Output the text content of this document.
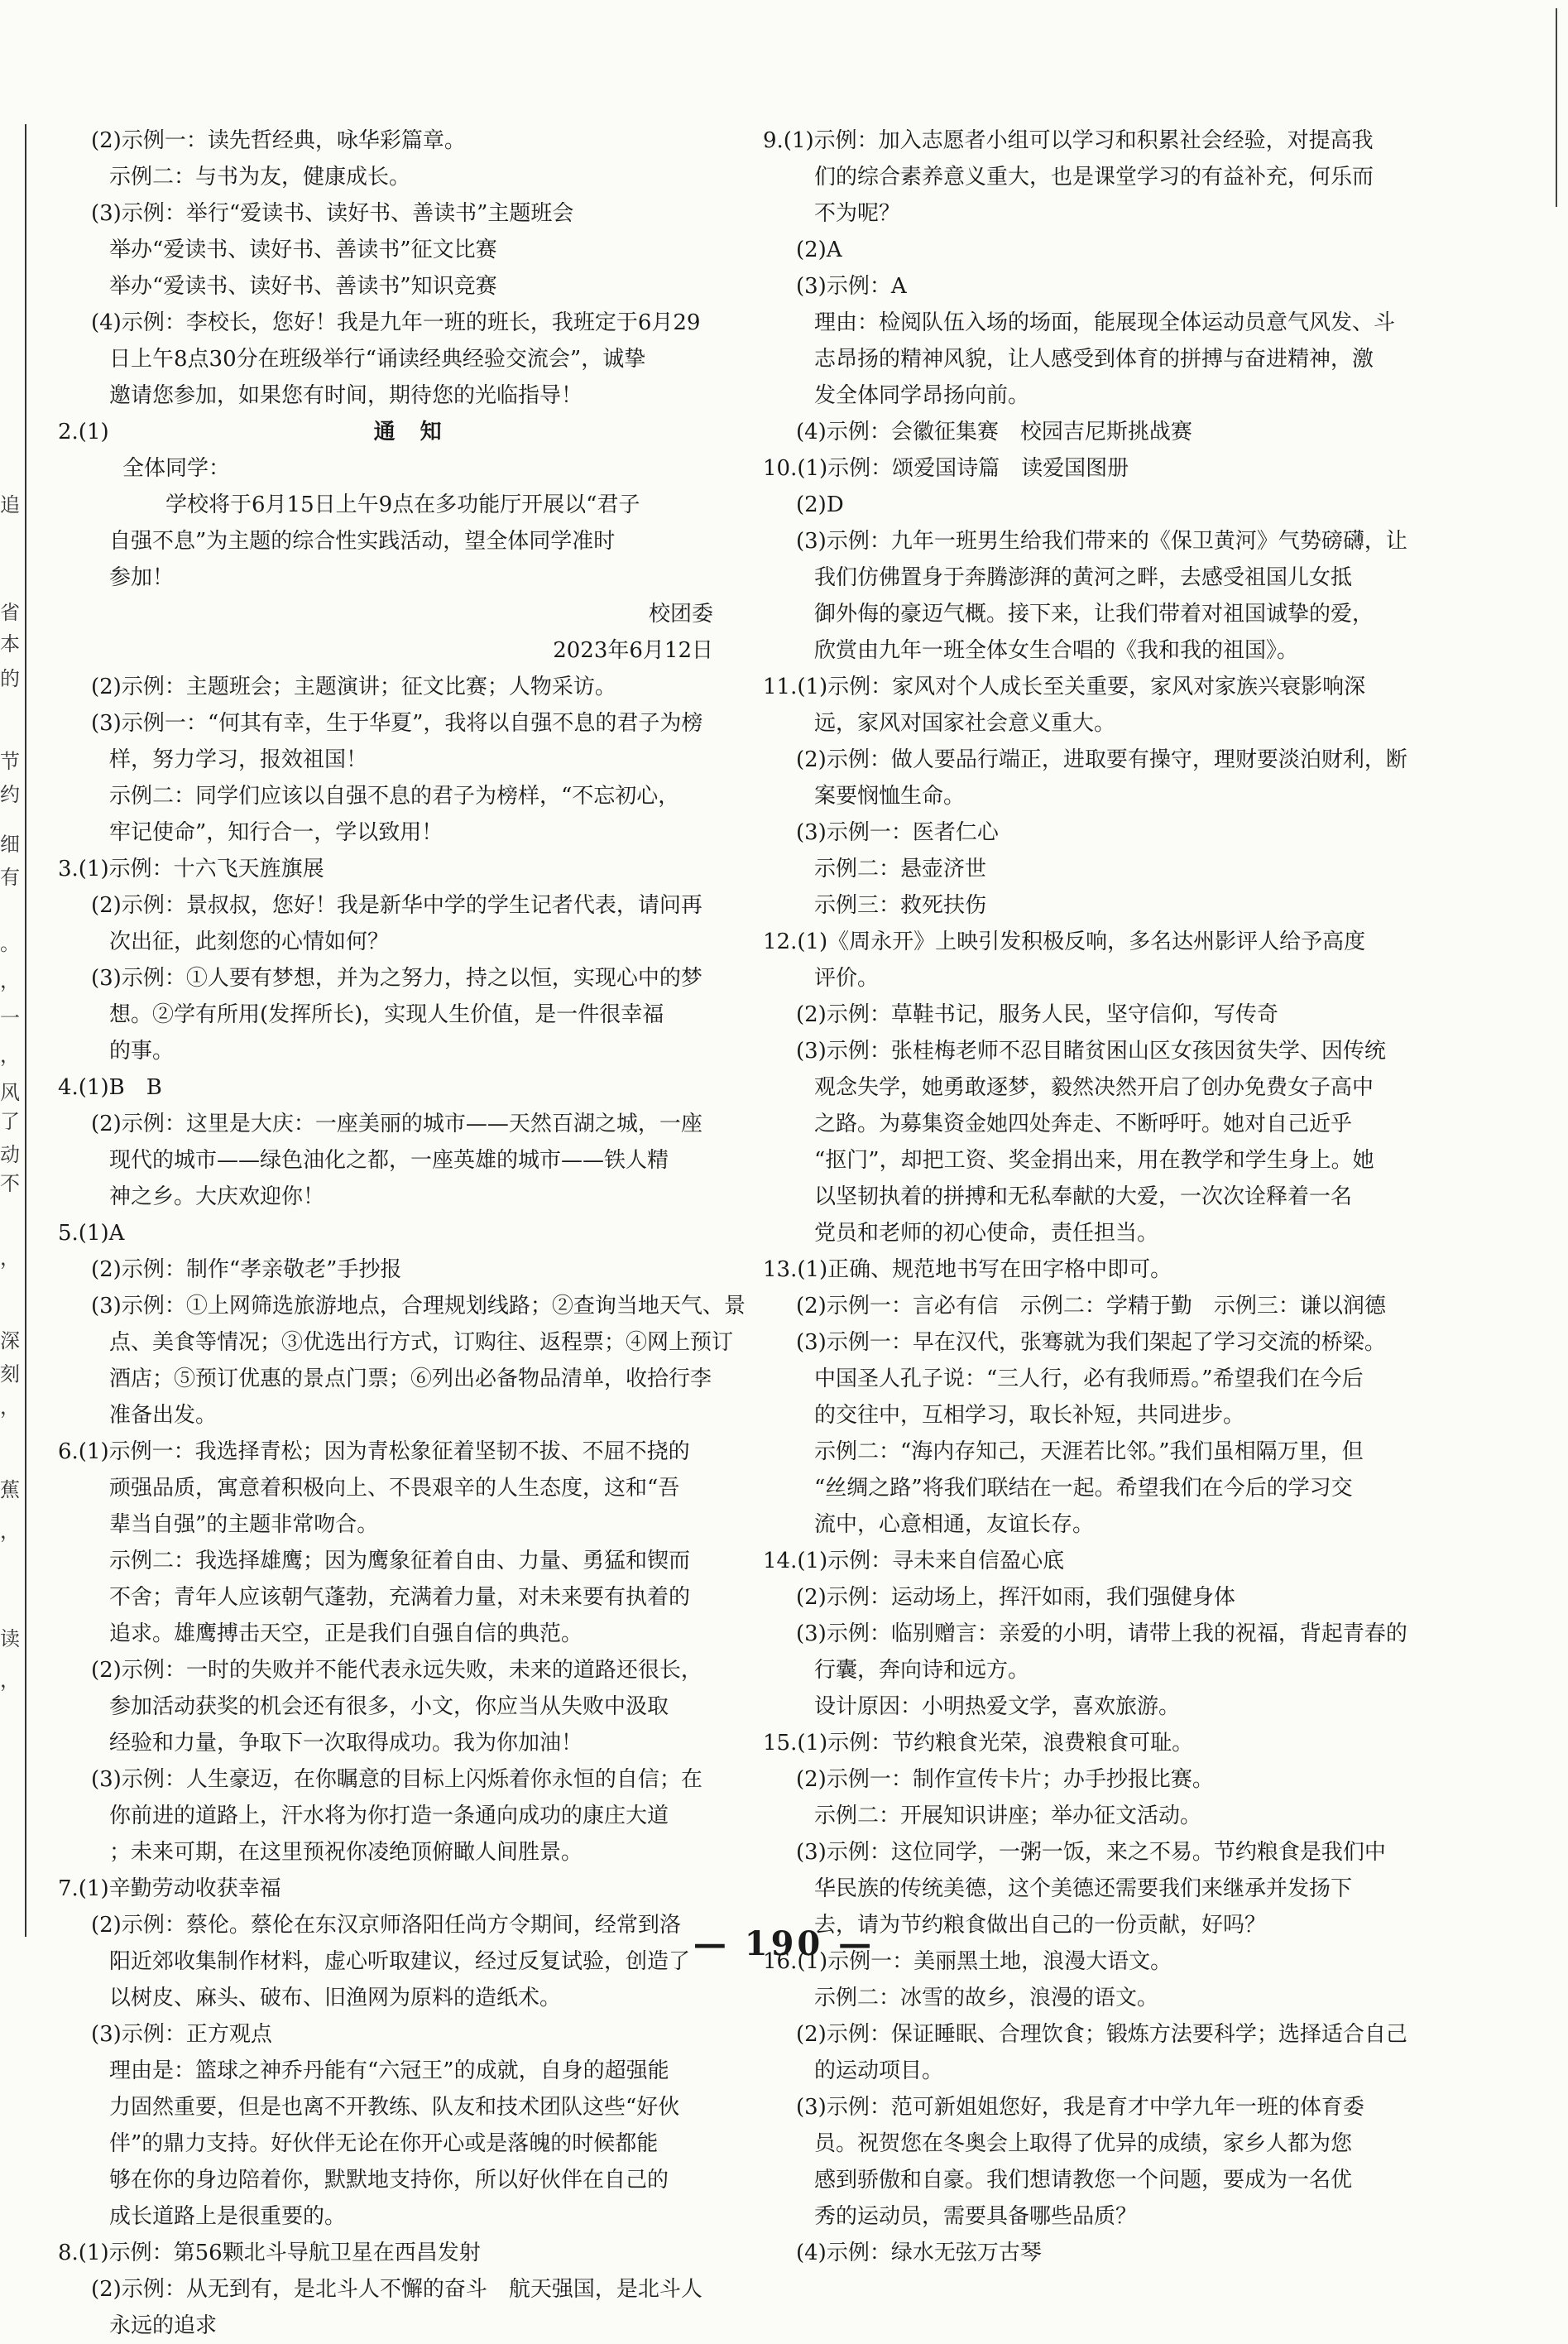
追
省
本
的
节
约
细
有
。
，
一
，
风
了
动
不
，
深
刻
，
蕉
，
读
，
(2)示例一：读先哲经典，咏华彩篇章。
示例二：与书为友，健康成长。
(3)示例：举行“爱读书、读好书、善读书”主题班会
举办“爱读书、读好书、善读书”征文比赛
举办“爱读书、读好书、善读书”知识竞赛
(4)示例：李校长，您好！我是九年一班的班长，我班定于6月29
日上午8点30分在班级举行“诵读经典经验交流会”，诚挚
邀请您参加，如果您有时间，期待您的光临指导！
2.(1)	通知
全体同学：
　　学校将于6月15日上午9点在多功能厅开展以“君子
自强不息”为主题的综合性实践活动，望全体同学准时
参加！
校团委　　
2023年6月12日
(2)示例：主题班会；主题演讲；征文比赛；人物采访。
(3)示例一：“何其有幸，生于华夏”，我将以自强不息的君子为榜
样，努力学习，报效祖国！
示例二：同学们应该以自强不息的君子为榜样，“不忘初心，
牢记使命”，知行合一，学以致用！
3.(1)示例：十六飞天旌旗展
(2)示例：景叔叔，您好！我是新华中学的学生记者代表，请问再
次出征，此刻您的心情如何？
(3)示例：①人要有梦想，并为之努力，持之以恒，实现心中的梦
想。②学有所用(发挥所长)，实现人生价值，是一件很幸福
的事。
4.(1)B　B
(2)示例：这里是大庆：一座美丽的城市——天然百湖之城，一座
现代的城市——绿色油化之都，一座英雄的城市——铁人精
神之乡。大庆欢迎你！
5.(1)A
(2)示例：制作“孝亲敬老”手抄报
(3)示例：①上网筛选旅游地点，合理规划线路；②查询当地天气、景
点、美食等情况；③优选出行方式，订购往、返程票；④网上预订
酒店；⑤预订优惠的景点门票；⑥列出必备物品清单，收拾行李
准备出发。
6.(1)示例一：我选择青松；因为青松象征着坚韧不拔、不屈不挠的
顽强品质，寓意着积极向上、不畏艰辛的人生态度，这和“吾
辈当自强”的主题非常吻合。
示例二：我选择雄鹰；因为鹰象征着自由、力量、勇猛和锲而
不舍；青年人应该朝气蓬勃，充满着力量，对未来要有执着的
追求。雄鹰搏击天空，正是我们自强自信的典范。
(2)示例：一时的失败并不能代表永远失败，未来的道路还很长，
参加活动获奖的机会还有很多，小文，你应当从失败中汲取
经验和力量，争取下一次取得成功。我为你加油！
(3)示例：人生豪迈，在你瞩意的目标上闪烁着你永恒的自信；在
你前进的道路上，汗水将为你打造一条通向成功的康庄大道
；未来可期，在这里预祝你凌绝顶俯瞰人间胜景。
7.(1)辛勤劳动收获幸福
(2)示例：蔡伦。蔡伦在东汉京师洛阳任尚方令期间，经常到洛
阳近郊收集制作材料，虚心听取建议，经过反复试验，创造了
以树皮、麻头、破布、旧渔网为原料的造纸术。
(3)示例：正方观点
理由是：篮球之神乔丹能有“六冠王”的成就，自身的超强能
力固然重要，但是也离不开教练、队友和技术团队这些“好伙
伴”的鼎力支持。好伙伴无论在你开心或是落魄的时候都能
够在你的身边陪着你，默默地支持你，所以好伙伴在自己的
成长道路上是很重要的。
8.(1)示例：第56颗北斗导航卫星在西昌发射
(2)示例：从无到有，是北斗人不懈的奋斗　航天强国，是北斗人
永远的追求
9.(1)示例：加入志愿者小组可以学习和积累社会经验，对提高我
们的综合素养意义重大，也是课堂学习的有益补充，何乐而
不为呢？
(2)A
(3)示例：A
理由：检阅队伍入场的场面，能展现全体运动员意气风发、斗
志昂扬的精神风貌，让人感受到体育的拼搏与奋进精神，激
发全体同学昂扬向前。
(4)示例：会徽征集赛　校园吉尼斯挑战赛
10.(1)示例：颂爱国诗篇　读爱国图册
(2)D
(3)示例：九年一班男生给我们带来的《保卫黄河》气势磅礴，让
我们仿佛置身于奔腾澎湃的黄河之畔，去感受祖国儿女抵
御外侮的豪迈气概。接下来，让我们带着对祖国诚挚的爱，
欣赏由九年一班全体女生合唱的《我和我的祖国》。
11.(1)示例：家风对个人成长至关重要，家风对家族兴衰影响深
远，家风对国家社会意义重大。
(2)示例：做人要品行端正，进取要有操守，理财要淡泊财利，断
案要悯恤生命。
(3)示例一：医者仁心
示例二：悬壶济世
示例三：救死扶伤
12.(1)《周永开》上映引发积极反响，多名达州影评人给予高度
评价。
(2)示例：草鞋书记，服务人民，坚守信仰，写传奇
(3)示例：张桂梅老师不忍目睹贫困山区女孩因贫失学、因传统
观念失学，她勇敢逐梦，毅然决然开启了创办免费女子高中
之路。为募集资金她四处奔走、不断呼吁。她对自己近乎
“抠门”，却把工资、奖金捐出来，用在教学和学生身上。她
以坚韧执着的拼搏和无私奉献的大爱，一次次诠释着一名
党员和老师的初心使命，责任担当。
13.(1)正确、规范地书写在田字格中即可。
(2)示例一：言必有信　示例二：学精于勤　示例三：谦以润德
(3)示例一：早在汉代，张骞就为我们架起了学习交流的桥梁。
中国圣人孔子说：“三人行，必有我师焉。”希望我们在今后
的交往中，互相学习，取长补短，共同进步。
示例二：“海内存知己，天涯若比邻。”我们虽相隔万里，但
“丝绸之路”将我们联结在一起。希望我们在今后的学习交
流中，心意相通，友谊长存。
14.(1)示例：寻未来自信盈心底
(2)示例：运动场上，挥汗如雨，我们强健身体
(3)示例：临别赠言：亲爱的小明，请带上我的祝福，背起青春的
行囊，奔向诗和远方。
设计原因：小明热爱文学，喜欢旅游。
15.(1)示例：节约粮食光荣，浪费粮食可耻。
(2)示例一：制作宣传卡片；办手抄报比赛。
示例二：开展知识讲座；举办征文活动。
(3)示例：这位同学，一粥一饭，来之不易。节约粮食是我们中
华民族的传统美德，这个美德还需要我们来继承并发扬下
去，请为节约粮食做出自己的一份贡献，好吗？
16.(1)示例一：美丽黑土地，浪漫大语文。
示例二：冰雪的故乡，浪漫的语文。
(2)示例：保证睡眠、合理饮食；锻炼方法要科学；选择适合自己
的运动项目。
(3)示例：范可新姐姐您好，我是育才中学九年一班的体育委
员。祝贺您在冬奥会上取得了优异的成绩，家乡人都为您
感到骄傲和自豪。我们想请教您一个问题，要成为一名优
秀的运动员，需要具备哪些品质？
(4)示例：绿水无弦万古琴
— 190 —
